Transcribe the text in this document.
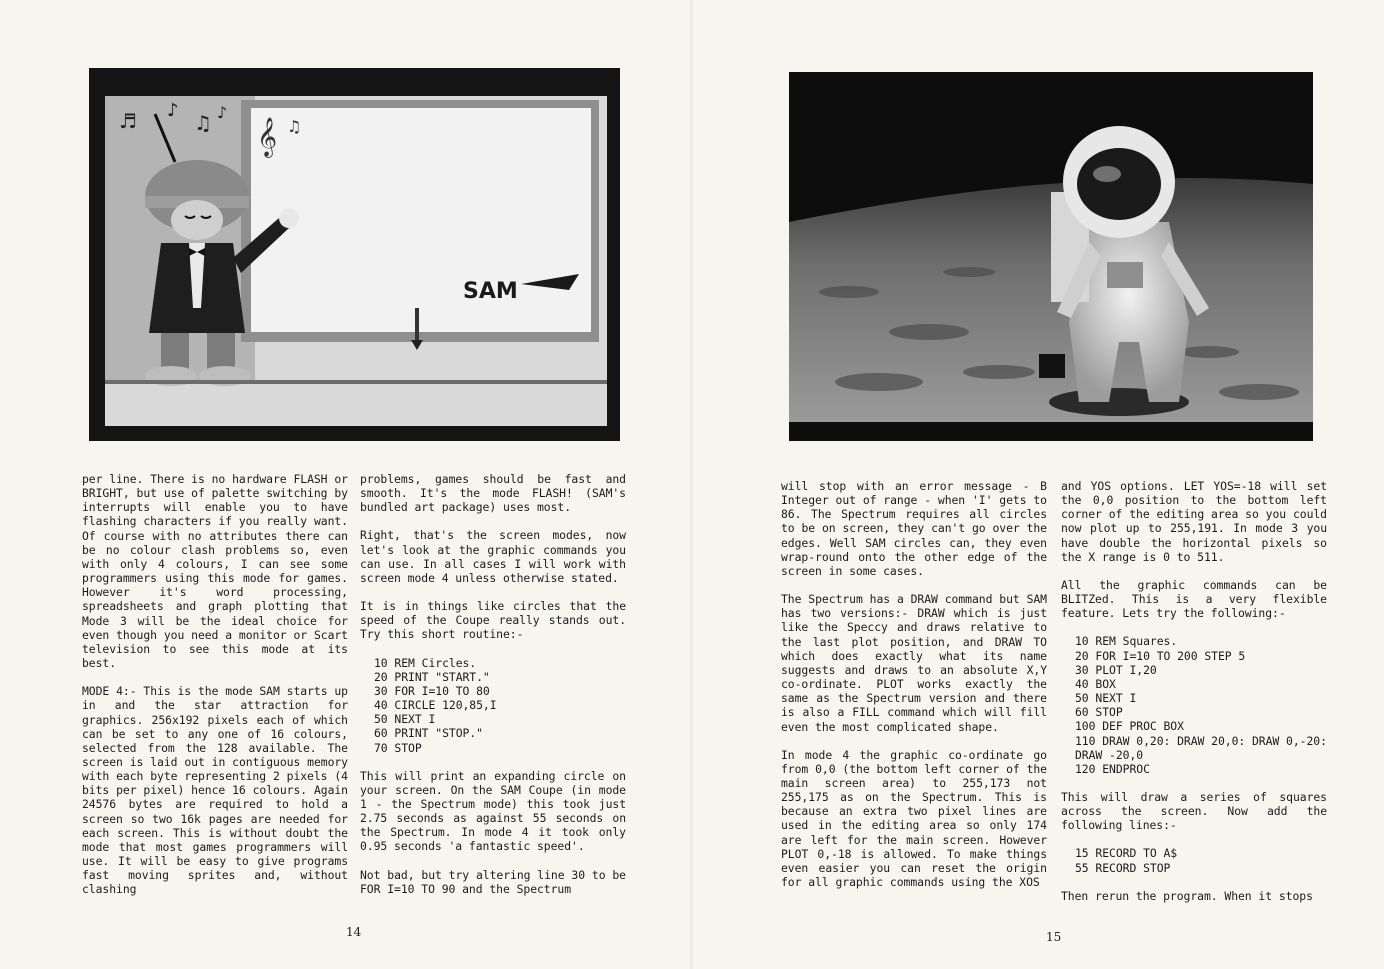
𝄞 ♫
♬ ♪
♫ ♪
SAM

per line. There is no hardware FLASH or BRIGHT, but use of palette switching by interrupts will enable you to have flashing characters if you really want. Of course with no attributes there can be no colour clash problems so, even with only 4 colours, I can see some programmers using this mode for games. However it's word processing, spreadsheets and graph plotting that Mode 3 will be the ideal choice for even though you need a monitor or Scart television to see this mode at its best.

MODE 4:- This is the mode SAM starts up in and the star attraction for graphics. 256x192 pixels each of which can be set to any one of 16 colours, selected from the 128 available. The screen is laid out in contiguous memory with each byte representing 2 pixels (4 bits per pixel) hence 16 colours. Again 24576 bytes are required to hold a screen so two 16k pages are needed for each screen. This is without doubt the mode that most games programmers will use. It will be easy to give programs fast moving sprites and, without clashing

problems, games should be fast and smooth. It's the mode FLASH! (SAM's bundled art package) uses most.

Right, that's the screen modes, now let's look at the graphic commands you can use. In all cases I will work with screen mode 4 unless otherwise stated.

It is in things like circles that the speed of the Coupe really stands out. Try this short routine:-

10 REM Circles.
20 PRINT "START."
30 FOR I=10 TO 80
40 CIRCLE 120,85,I
50 NEXT I
60 PRINT "STOP."
70 STOP

This will print an expanding circle on your screen. On the SAM Coupe (in mode 1 - the Spectrum mode) this took just 2.75 seconds as against 55 seconds on the Spectrum. In mode 4 it took only 0.95 seconds 'a fantastic speed'.

Not bad, but try altering line 30 to be FOR I=10 TO 90 and the Spectrum

14

will stop with an error message - B Integer out of range - when 'I' gets to 86. The Spectrum requires all circles to be on screen, they can't go over the edges. Well SAM circles can, they even wrap-round onto the other edge of the screen in some cases.

The Spectrum has a DRAW command but SAM has two versions:- DRAW which is just like the Speccy and draws relative to the last plot position, and DRAW TO which does exactly what its name suggests and draws to an absolute X,Y co-ordinate. PLOT works exactly the same as the Spectrum version and there is also a FILL command which will fill even the most complicated shape.

In mode 4 the graphic co-ordinate go from 0,0 (the bottom left corner of the main screen area) to 255,173 not 255,175 as on the Spectrum. This is because an extra two pixel lines are used in the editing area so only 174 are left for the main screen. However PLOT 0,-18 is allowed. To make things even easier you can reset the origin for all graphic commands using the XOS

and YOS options. LET YOS=-18 will set the 0,0 position to the bottom left corner of the editing area so you could now plot up to 255,191. In mode 3 you have double the horizontal pixels so the X range is 0 to 511.

All the graphic commands can be BLITZed. This is a very flexible feature. Lets try the following:-

10 REM Squares.
20 FOR I=10 TO 200 STEP 5
30 PLOT I,20
40 BOX
50 NEXT I
60 STOP
100 DEF PROC BOX
110 DRAW 0,20: DRAW 20,0: DRAW 0,-20:
DRAW -20,0
120 ENDPROC

This will draw a series of squares across the screen. Now add the following lines:-

15 RECORD TO A$
55 RECORD STOP

Then rerun the program. When it stops

15
